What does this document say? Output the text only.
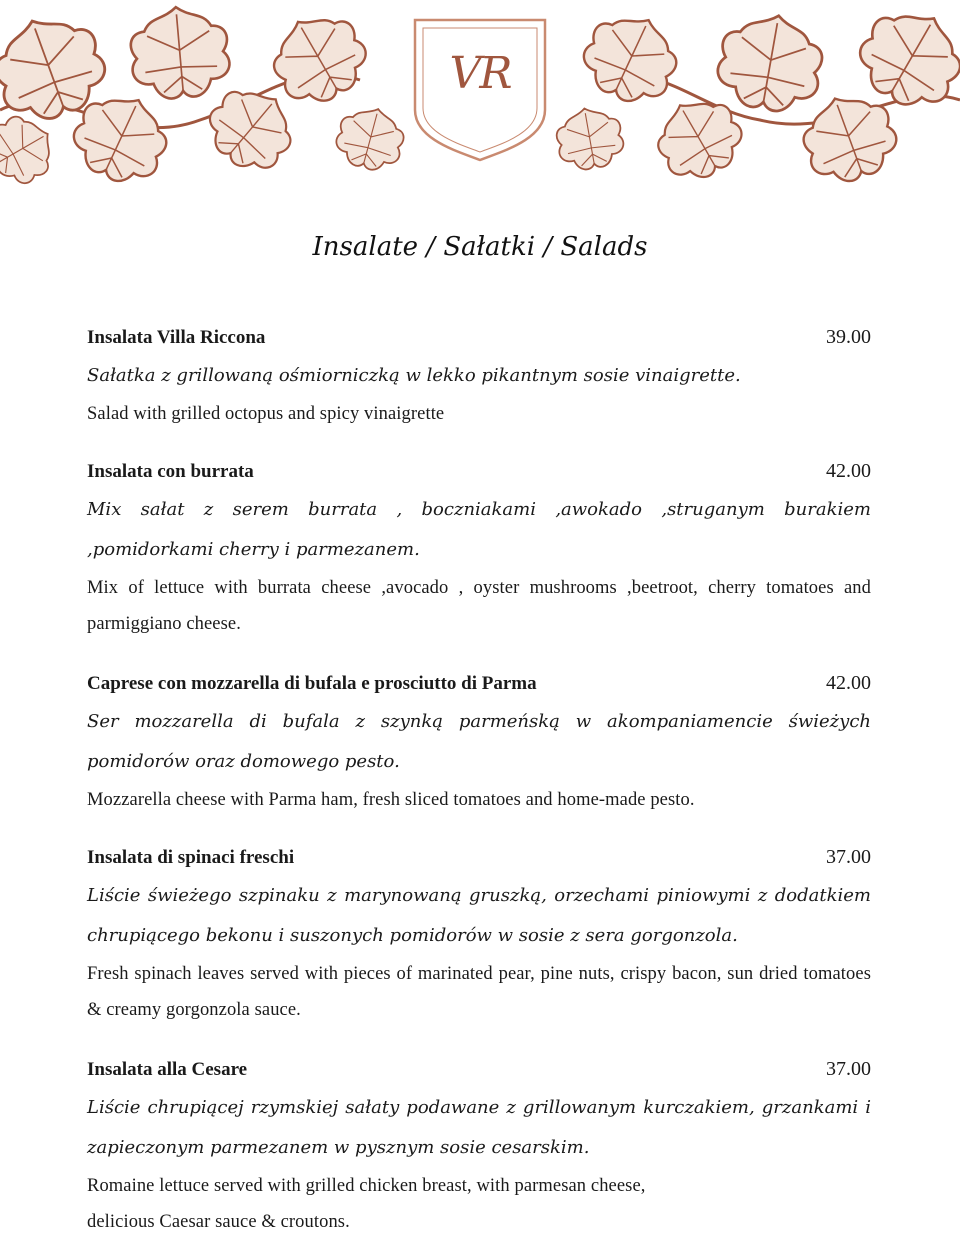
VR
Insalate / Sałatki / Salads
Insalata Villa Riccona	39.00
Sałatka z grillowaną ośmiorniczką w lekko pikantnym sosie vinaigrette.
Salad with grilled octopus and spicy vinaigrette
Insalata con burrata	42.00
Mix sałat z serem burrata , boczniakami ,awokado ,struganym burakiem ,pomidorkami cherry i parmezanem.
Mix of lettuce with burrata cheese ,avocado , oyster mushrooms ,beetroot, cherry tomatoes and parmiggiano cheese.
Caprese con mozzarella di bufala e prosciutto di Parma	42.00
Ser mozzarella di bufala z szynką parmeńską w akompaniamencie świeżych pomidorów oraz domowego pesto.
Mozzarella cheese with Parma ham, fresh sliced tomatoes and home-made pesto.
Insalata di spinaci freschi	37.00
Liście świeżego szpinaku z marynowaną gruszką, orzechami piniowymi z dodatkiem chrupiącego bekonu i suszonych pomidorów w sosie z sera gorgonzola.
Fresh spinach leaves served with pieces of marinated pear, pine nuts, crispy bacon, sun dried tomatoes & creamy gorgonzola sauce.
Insalata alla Cesare	37.00
Liście chrupiącej rzymskiej sałaty podawane z grillowanym kurczakiem, grzankami i zapieczonym parmezanem w pysznym sosie cesarskim.
Romaine lettuce served with grilled chicken breast, with parmesan cheese,
delicious Caesar sauce & croutons.
